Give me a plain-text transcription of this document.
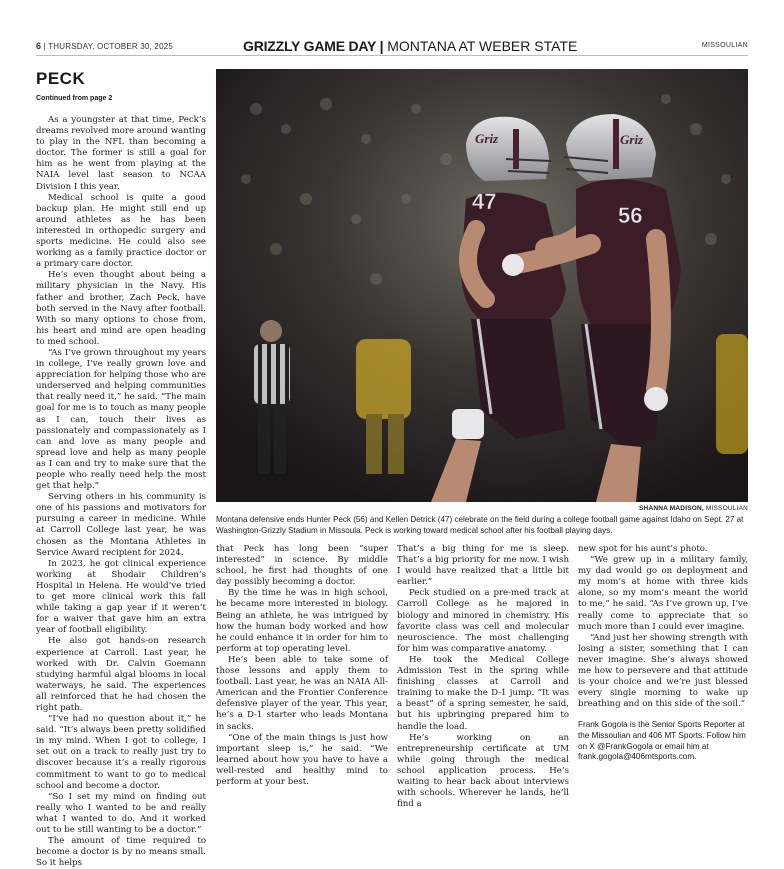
6 | THURSDAY, OCTOBER 30, 2025	GRIZZLY GAME DAY | MONTANA AT WEBER STATE	MISSOULIAN
PECK
Continued from page 2

As a youngster at that time, Peck’s dreams revolved more around wanting to play in the NFL than becoming a doctor. The former is still a goal for him as he went from playing at the NAIA level last season to NCAA Division I this year.

Medical school is quite a good backup plan. He might still end up around athletes as he has been interested in orthopedic surgery and sports medicine. He could also see working as a family practice doctor or a primary care doctor.

He’s even thought about being a military physician in the Navy. His father and brother, Zach Peck, have both served in the Navy after football. With so many options to chose from, his heart and mind are open heading to med school.

“As I’ve grown throughout my years in college, I’ve really grown love and appreciation for helping those who are underserved and helping communities that really need it,” he said. “The main goal for me is to touch as many people as I can, touch their lives as passionately and compassionately as I can and love as many people and spread love and help as many people as I can and try to make sure that the people who really need help the most get that help.”

Serving others in his community is one of his passions and motivators for pursuing a career in medicine. While at Carroll College last year, he was chosen as the Montana Athletes in Service Award recipient for 2024.

In 2023, he got clinical experience working at Shodair Children’s Hospital in Helena. He would’ve tried to get more clinical work this fall while taking a gap year if it weren’t for a waiver that gave him an extra year of football eligibility.

He also got hands-on research experience at Carroll. Last year, he worked with Dr. Calvin Goemann studying harmful algal blooms in local waterways, he said. The experiences all reinforced that he had chosen the right path.

“I’ve had no question about it,” he said. “It’s always been pretty solidified in my mind. When I got to college, I set out on a track to really just try to discover because it’s a really rigorous commitment to want to go to medical school and become a doctor.

“So I set my mind on finding out really who I wanted to be and really what I wanted to do. And it worked out to be still wanting to be a doctor.”

The amount of time required to become a doctor is by no means small. So it helps

47
Griz
56
Griz
SHANNA MADISON, MISSOULIAN
Montana defensive ends Hunter Peck (56) and Kellen Detrick (47) celebrate on the field during a college football game against Idaho on Sept. 27 at Washington-Grizzly Stadium in Missoula. Peck is working toward medical school after his football playing days.

that Peck has long been “super interested” in science. By middle school, he first had thoughts of one day possibly becoming a doctor.

By the time he was in high school, he became more interested in biology. Being an athlete, he was intrigued by how the human body worked and how he could enhance it in order for him to perform at top operating level.

He’s been able to take some of those lessons and apply them to football. Last year, he was an NAIA All-American and the Frontier Conference defensive player of the year. This year, he’s a D-1 starter who leads Montana in sacks.

“One of the main things is just how important sleep is,” he said. “We learned about how you have to have a well-rested and healthy mind to perform at your best.

That’s a big thing for me is sleep. That’s a big priority for me now. I wish I would have realized that a little bit earlier.”

Peck studied on a pre-med track at Carroll College as he majored in biology and minored in chemistry. His favorite class was cell and molecular neuroscience. The most challenging for him was comparative anatomy.

He took the Medical College Admission Test in the spring while finishing classes at Carroll and training to make the D-1 jump. “It was a beast” of a spring semester, he said, but his upbringing prepared him to handle the load.

He’s working on an entrepreneurship certificate at UM while going through the medical school application process. He’s waiting to hear back about interviews with schools. Wherever he lands, he’ll find a

new spot for his aunt’s photo.

“We grew up in a military family, my dad would go on deployment and my mom’s at home with three kids alone, so my mom’s meant the world to me,” he said. “As I’ve grown up, I’ve really come to appreciate that so much more than I could ever imagine.

“And just her showing strength with losing a sister, something that I can never imagine. She’s always showed me how to persevere and that attitude is your choice and we’re just blessed every single morning to wake up breathing and on this side of the soil.”

Frank Gogola is the Senior Sports Reporter at the Missoulian and 406 MT Sports. Follow him on X @FrankGogola or email him at frank.gogola@406mtsports.com.
